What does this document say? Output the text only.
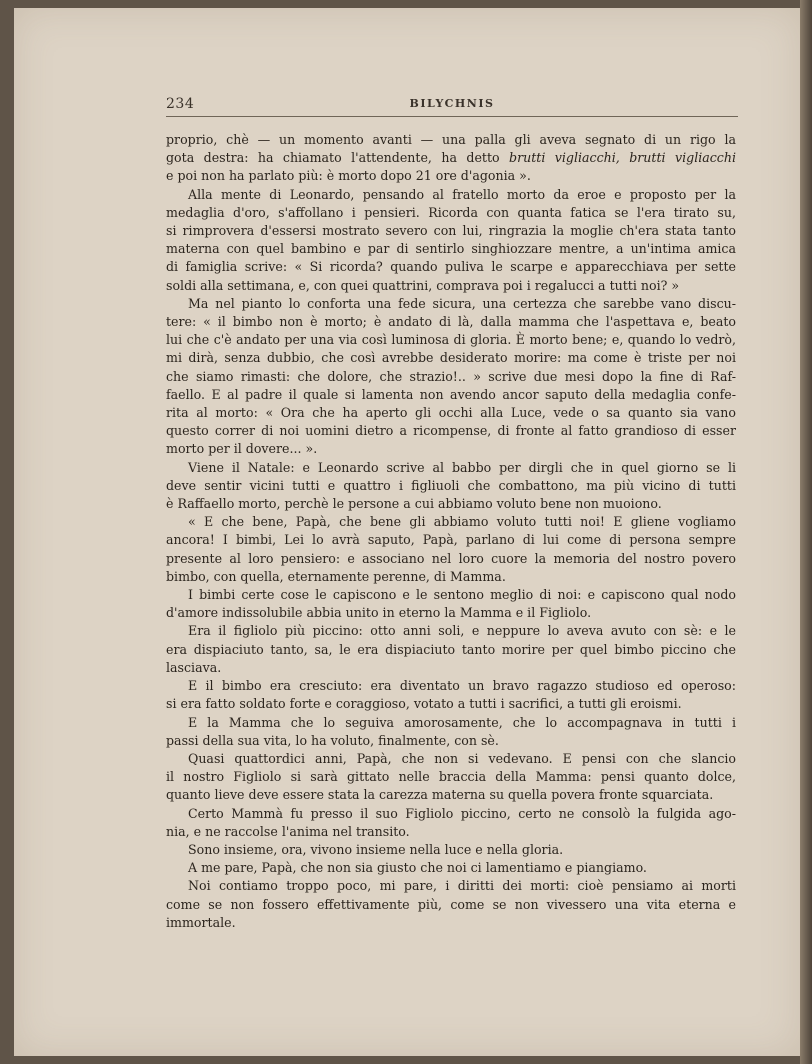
234	BILYCHNIS
proprio, chè — un momento avanti — una palla gli aveva segnato di un rigo la
gota destra: ha chiamato l'attendente, ha detto brutti vigliacchi, brutti vigliacchi
e poi non ha parlato più: è morto dopo 21 ore d'agonia ».
Alla mente di Leonardo, pensando al fratello morto da eroe e proposto per la
medaglia d'oro, s'affollano i pensieri. Ricorda con quanta fatica se l'era tirato su,
si rimprovera d'essersi mostrato severo con lui, ringrazia la moglie ch'era stata tanto
materna con quel bambino e par di sentirlo singhiozzare mentre, a un'intima amica
di famiglia scrive: « Si ricorda? quando puliva le scarpe e apparecchiava per sette
soldi alla settimana, e, con quei quattrini, comprava poi i regalucci a tutti noi? »
Ma nel pianto lo conforta una fede sicura, una certezza che sarebbe vano discu-
tere: « il bimbo non è morto; è andato di là, dalla mamma che l'aspettava e, beato
lui che c'è andato per una via così luminosa di gloria. È morto bene; e, quando lo vedrò,
mi dirà, senza dubbio, che così avrebbe desiderato morire: ma come è triste per noi
che siamo rimasti: che dolore, che strazio!.. » scrive due mesi dopo la fine di Raf-
faello. E al padre il quale si lamenta non avendo ancor saputo della medaglia confe-
rita al morto: « Ora che ha aperto gli occhi alla Luce, vede o sa quanto sia vano
questo correr di noi uomini dietro a ricompense, di fronte al fatto grandioso di esser
morto per il dovere... ».
Viene il Natale: e Leonardo scrive al babbo per dirgli che in quel giorno se li
deve sentir vicini tutti e quattro i figliuoli che combattono, ma più vicino di tutti
è Raffaello morto, perchè le persone a cui abbiamo voluto bene non muoiono.
« E che bene, Papà, che bene gli abbiamo voluto tutti noi! E gliene vogliamo
ancora! I bimbi, Lei lo avrà saputo, Papà, parlano di lui come di persona sempre
presente al loro pensiero: e associano nel loro cuore la memoria del nostro povero
bimbo, con quella, eternamente perenne, di Mamma.
I bimbi certe cose le capiscono e le sentono meglio di noi: e capiscono qual nodo
d'amore indissolubile abbia unito in eterno la Mamma e il Figliolo.
Era il figliolo più piccino: otto anni soli, e neppure lo aveva avuto con sè: e le
era dispiaciuto tanto, sa, le era dispiaciuto tanto morire per quel bimbo piccino che
lasciava.
E il bimbo era cresciuto: era diventato un bravo ragazzo studioso ed operoso:
si era fatto soldato forte e coraggioso, votato a tutti i sacrifici, a tutti gli eroismi.
E la Mamma che lo seguiva amorosamente, che lo accompagnava in tutti i
passi della sua vita, lo ha voluto, finalmente, con sè.
Quasi quattordici anni, Papà, che non si vedevano. E pensi con che slancio
il nostro Figliolo si sarà gittato nelle braccia della Mamma: pensi quanto dolce,
quanto lieve deve essere stata la carezza materna su quella povera fronte squarciata.
Certo Mammà fu presso il suo Figliolo piccino, certo ne consolò la fulgida ago-
nia, e ne raccolse l'anima nel transito.
Sono insieme, ora, vivono insieme nella luce e nella gloria.
A me pare, Papà, che non sia giusto che noi ci lamentiamo e piangiamo.
Noi contiamo troppo poco, mi pare, i diritti dei morti: cioè pensiamo ai morti
come se non fossero effettivamente più, come se non vivessero una vita eterna e
immortale.
